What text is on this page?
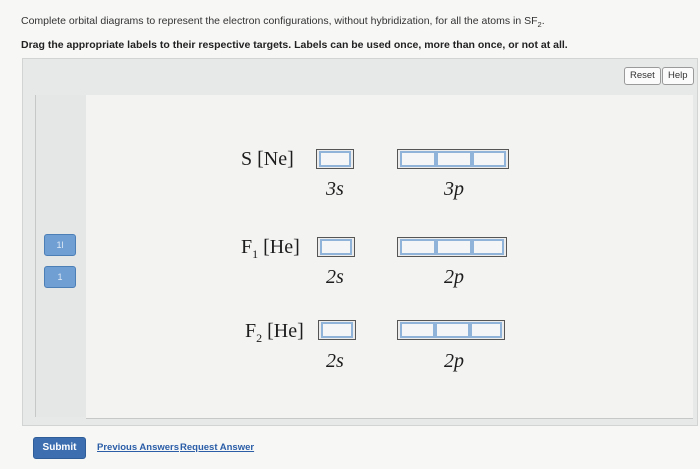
Complete orbital diagrams to represent the electron configurations, without hybridization, for all the atoms in $SF_2$.
Drag the appropriate labels to their respective targets. Labels can be used once, more than once, or not at all.
Reset	Help
1l
1
S [Ne]
3s	3p
$F_1$ [He]
2s	2p
$F_2$ [He]
2s	2p
Submit	Previous Answers Request Answer
